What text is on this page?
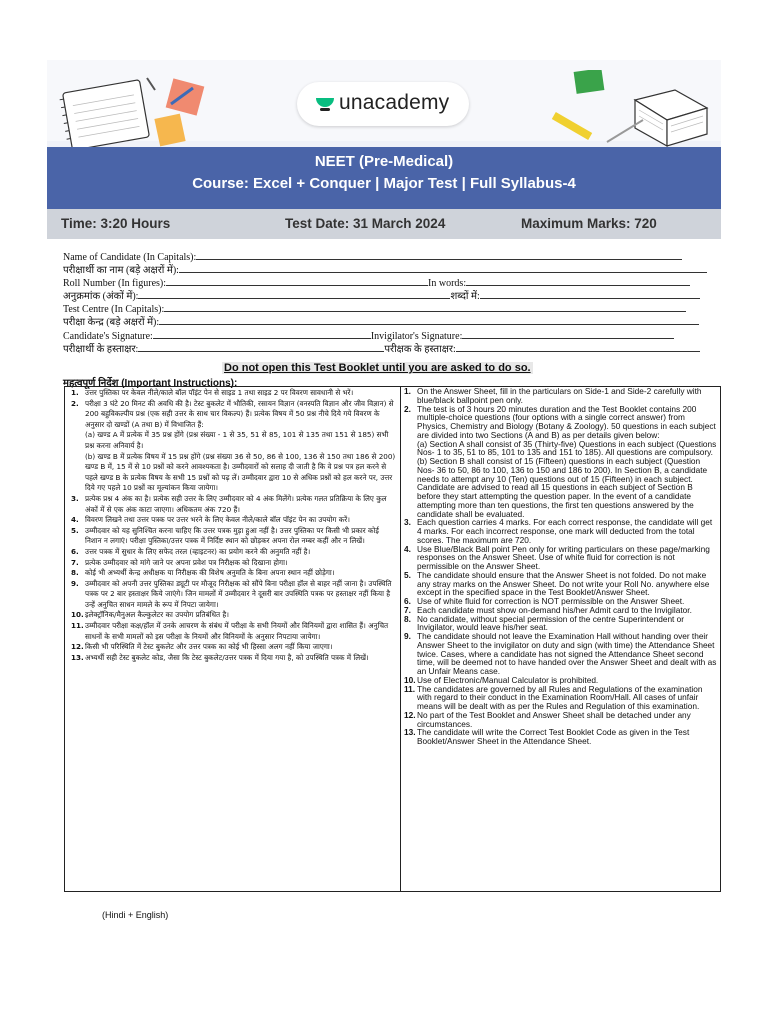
unacademy
NEET (Pre-Medical)
Course: Excel + Conquer | Major Test | Full Syllabus-4
Time: 3:20 Hours	Test Date: 31 March 2024	Maximum Marks: 720
Name of Candidate (In Capitals):
परीक्षार्थी का नाम (बड़े अक्षरों में):
Roll Number (In figures):	In words:
अनुक्रमांक (अंकों में):	शब्दों में:
Test Centre (In Capitals):
परीक्षा केन्द्र (बड़े अक्षरों में):
Candidate's Signature:	Invigilator's Signature:
परीक्षार्थी के हस्ताक्षर:	परीक्षक के हस्ताक्षर:
Do not open this Test Booklet until you are asked to do so.
महत्वपूर्ण निर्देश (Important Instructions):
1. उत्तर पुस्तिका पर केवल नीले/काले बॉल पॉइंट पेन से साइड 1 तथा साइड 2 पर विवरण सावधानी से भरें।
2. परीक्षा 3 घंटे 20 मिनट की अवधि की है। टेस्ट बुकलेट में भौतिकी, रसायन विज्ञान (वनस्पति विज्ञान और जीव विज्ञान) से 200 बहुविकल्पीय प्रश्न (एक सही उत्तर के साथ चार विकल्प) हैं। प्रत्येक विषय में 50 प्रश्न नीचे दिये गये विवरण के अनुसार दो खण्डों (A तथा B) में विभाजित हैं:
(a) खण्ड A में प्रत्येक में 35 प्रश्न होंगे (प्रश्न संख्या - 1 से 35, 51 से 85, 101 से 135 तथा 151 से 185) सभी प्रश्न करना अनिवार्य है।
(b) खण्ड B में प्रत्येक विषय में 15 प्रश्न होंगे (प्रश्न संख्या 36 से 50, 86 से 100, 136 से 150 तथा 186 से 200) खण्ड B में, 15 में से 10 प्रश्नों को करने आवश्यकता है। उम्मीदवारों को सलाह दी जाती है कि वे प्रश्न पत्र हल करने से पहले खण्ड B के प्रत्येक विषय के सभी 15 प्रश्नों को पढ़ लें। उम्मीदवार द्वारा 10 से अधिक प्रश्नों को हल करने पर, उत्तर दिये गए पहले 10 प्रश्नों का मूल्यांकन किया जायेगा।
3. प्रत्येक प्रश्न 4 अंक का है। प्रत्येक सही उत्तर के लिए उम्मीदवार को 4 अंक मिलेंगे। प्रत्येक गलत प्रतिक्रिया के लिए कुल अंकों में से एक अंक काटा जाएगा। अधिकतम अंक 720 हैं।
4. विवरण लिखने तथा उत्तर पत्रक पर उत्तर भरने के लिए केवल नीले/काले बॉल पॉइंट पेन का उपयोग करें।
5. उम्मीदवार को यह सुनिश्चित करना चाहिए कि उत्तर पत्रक मुड़ा हुआ नहीं है। उत्तर पुस्तिका पर किसी भी प्रकार कोई निशान न लगाएं। परीक्षा पुस्तिका/उत्तर पत्रक में निर्दिष्ट स्थान को छोड़कर अपना रोल नम्बर कहीं और न लिखें।
6. उत्तर पत्रक में सुधार के लिए सफेद तरल (व्हाइटनर) का प्रयोग करने की अनुमति नहीं है।
7. प्रत्येक उम्मीदवार को मांगे जाने पर अपना प्रवेश पत्र निरीक्षक को दिखाना होगा।
8. कोई भी अभ्यर्थी केन्द्र अधीक्षक या निरीक्षक की विशेष अनुमति के बिना अपना स्थान नहीं छोड़ेगा।
9. उम्मीदवार को अपनी उत्तर पुस्तिका ड्यूटी पर मौजूद निरीक्षक को सौंपे बिना परीक्षा हॉल से बाहर नहीं जाना है। उपस्थिति पत्रक पर 2 बार हस्ताक्षर किये जाएंगे। जिन मामलों में उम्मीदवार ने दूसरी बार उपस्थिति पत्रक पर हस्ताक्षर नहीं किया है उन्हें अनुचित साधन मामले के रूप में निपटा जायेगा।
10. इलेक्ट्रॉनिक/मैनुअल कैल्कुलेटर का उपयोग प्रतिबंधित है।
11. उम्मीदवार परीक्षा कक्ष/हॉल में उनके आचरण के संबंध में परीक्षा के सभी नियमों और विनियमों द्वारा शासित हैं। अनुचित साधनों के सभी मामलों को इस परीक्षा के नियमों और विनियमों के अनुसार निपटाया जायेगा।
12. किसी भी परिस्थिति में टेस्ट बुकलेट और उत्तर पत्रक का कोई भी हिस्सा अलग नहीं किया जाएगा।
13. अभ्यर्थी सही टेस्ट बुकलेट कोड, जैसा कि टेस्ट बुकलेट/उत्तर पत्रक में दिया गया है, को उपस्थिति पत्रक में लिखें।
1. On the Answer Sheet, fill in the particulars on Side-1 and Side-2 carefully with blue/black ballpoint pen only.
2. The test is of 3 hours 20 minutes duration and the Test Booklet contains 200 multiple-choice questions (four options with a single correct answer) from Physics, Chemistry and Biology (Botany & Zoology). 50 questions in each subject are divided into two Sections (A and B) as per details given below:
(a) Section A shall consist of 35 (Thirty-five) Questions in each subject (Questions Nos- 1 to 35, 51 to 85, 101 to 135 and 151 to 185). All questions are compulsory.
(b) Section B shall consist of 15 (Fifteen) questions in each subject (Question Nos- 36 to 50, 86 to 100, 136 to 150 and 186 to 200). In Section B, a candidate needs to attempt any 10 (Ten) questions out of 15 (Fifteen) in each subject. Candidate are advised to read all 15 questions in each subject of Section B before they start attempting the question paper. In the event of a candidate attempting more than ten questions, the first ten questions answered by the candidate shall be evaluated.
3. Each question carries 4 marks. For each correct response, the candidate will get 4 marks. For each incorrect response, one mark will deducted from the total scores. The maximum are 720.
4. Use Blue/Black Ball point Pen only for writing particulars on these page/marking responses on the Answer Sheet. Use of white fluid for correction is not permissible on the Answer Sheet.
5. The candidate should ensure that the Answer Sheet is not folded. Do not make any stray marks on the Answer Sheet. Do not write your Roll No. anywhere else except in the specified space in the Test Booklet/Answer Sheet.
6. Use of white fluid for correction is NOT permissible on the Answer Sheet.
7. Each candidate must show on-demand his/her Admit card to the Invigilator.
8. No candidate, without special permission of the centre Superintendent or Invigilator, would leave his/her seat.
9. The candidate should not leave the Examination Hall without handing over their Answer Sheet to the invigilator on duty and sign (with time) the Attendance Sheet twice. Cases, where a candidate has not signed the Attendance Sheet second time, will be deemed not to have handed over the Answer Sheet and dealt with as an Unfair Means case.
10. Use of Electronic/Manual Calculator is prohibited.
11. The candidates are governed by all Rules and Regulations of the examination with regard to their conduct in the Examination Room/Hall. All cases of unfair means will be dealt with as per the Rules and Regulation of this examination.
12. No part of the Test Booklet and Answer Sheet shall be detached under any circumstances.
13. The candidate will write the Correct Test Booklet Code as given in the Test Booklet/Answer Sheet in the Attendance Sheet.
(Hindi + English)
